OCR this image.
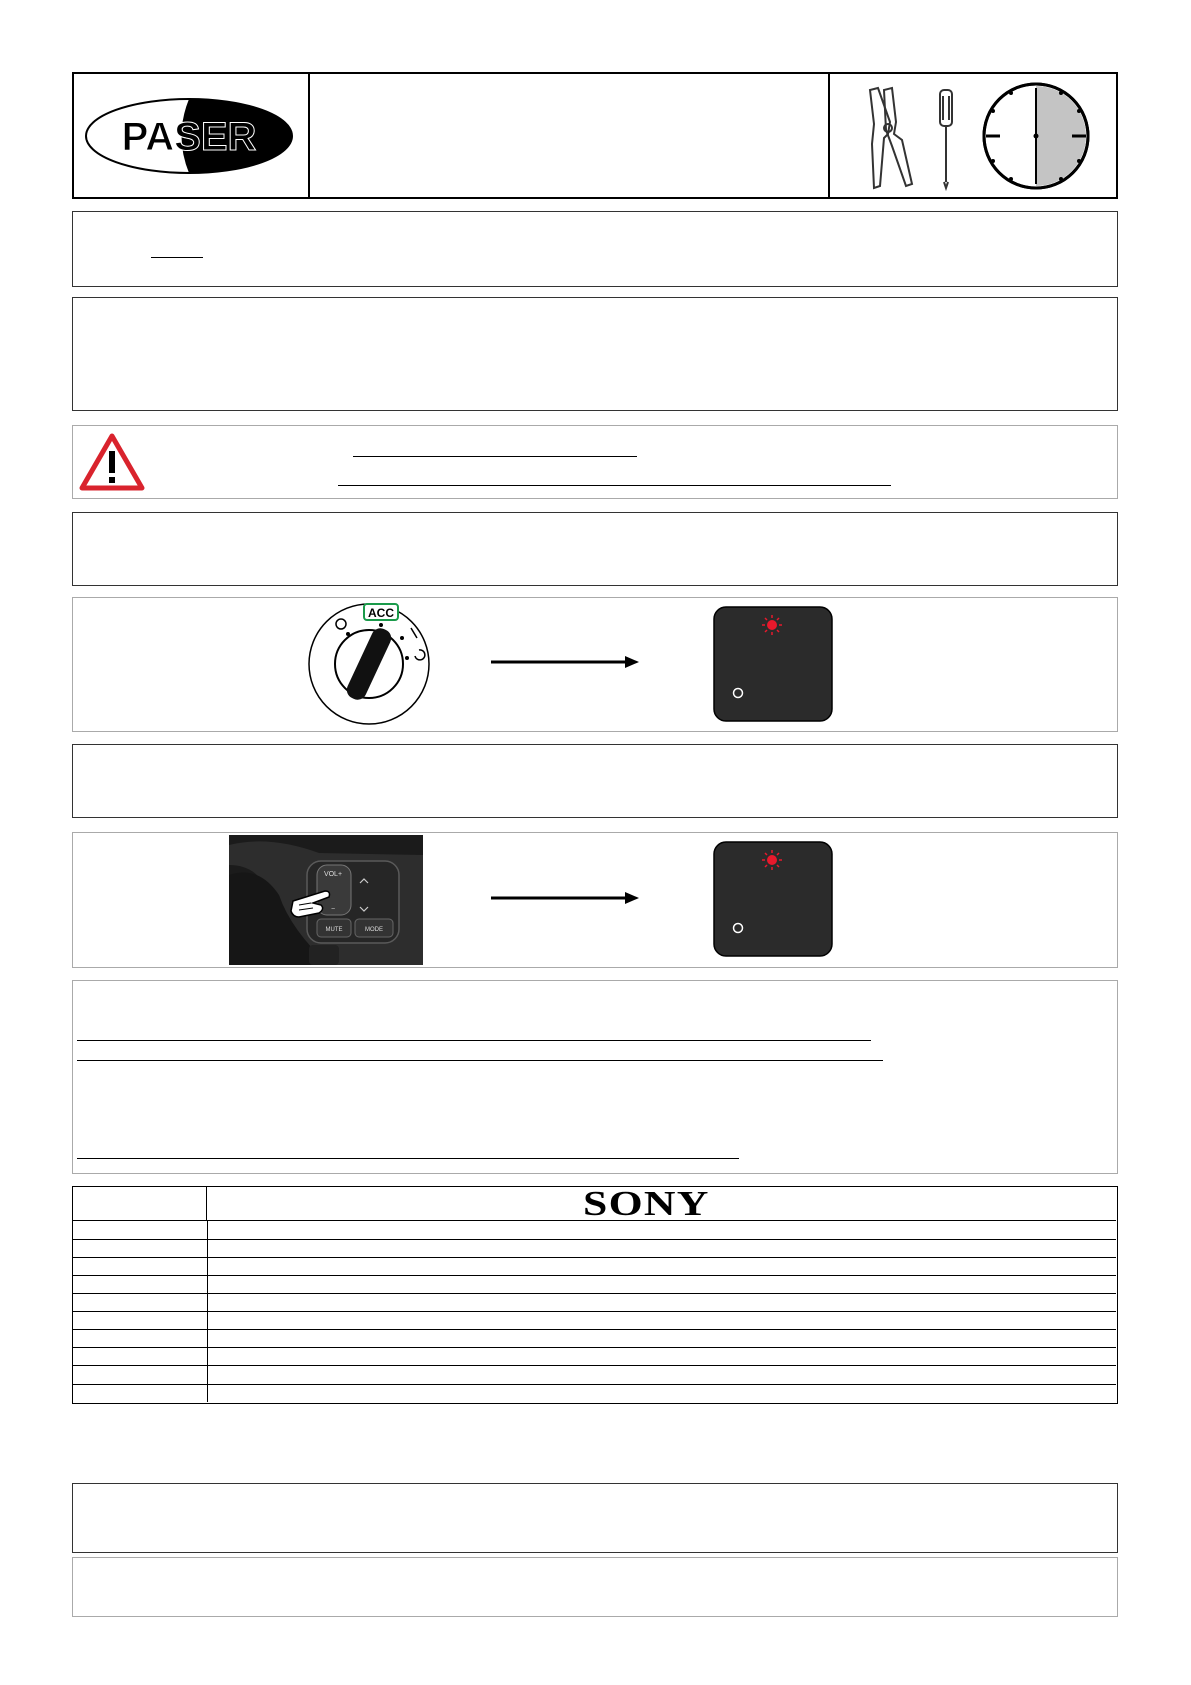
PASER
ACC
VOL+
−
MUTE	MODE
SONY
